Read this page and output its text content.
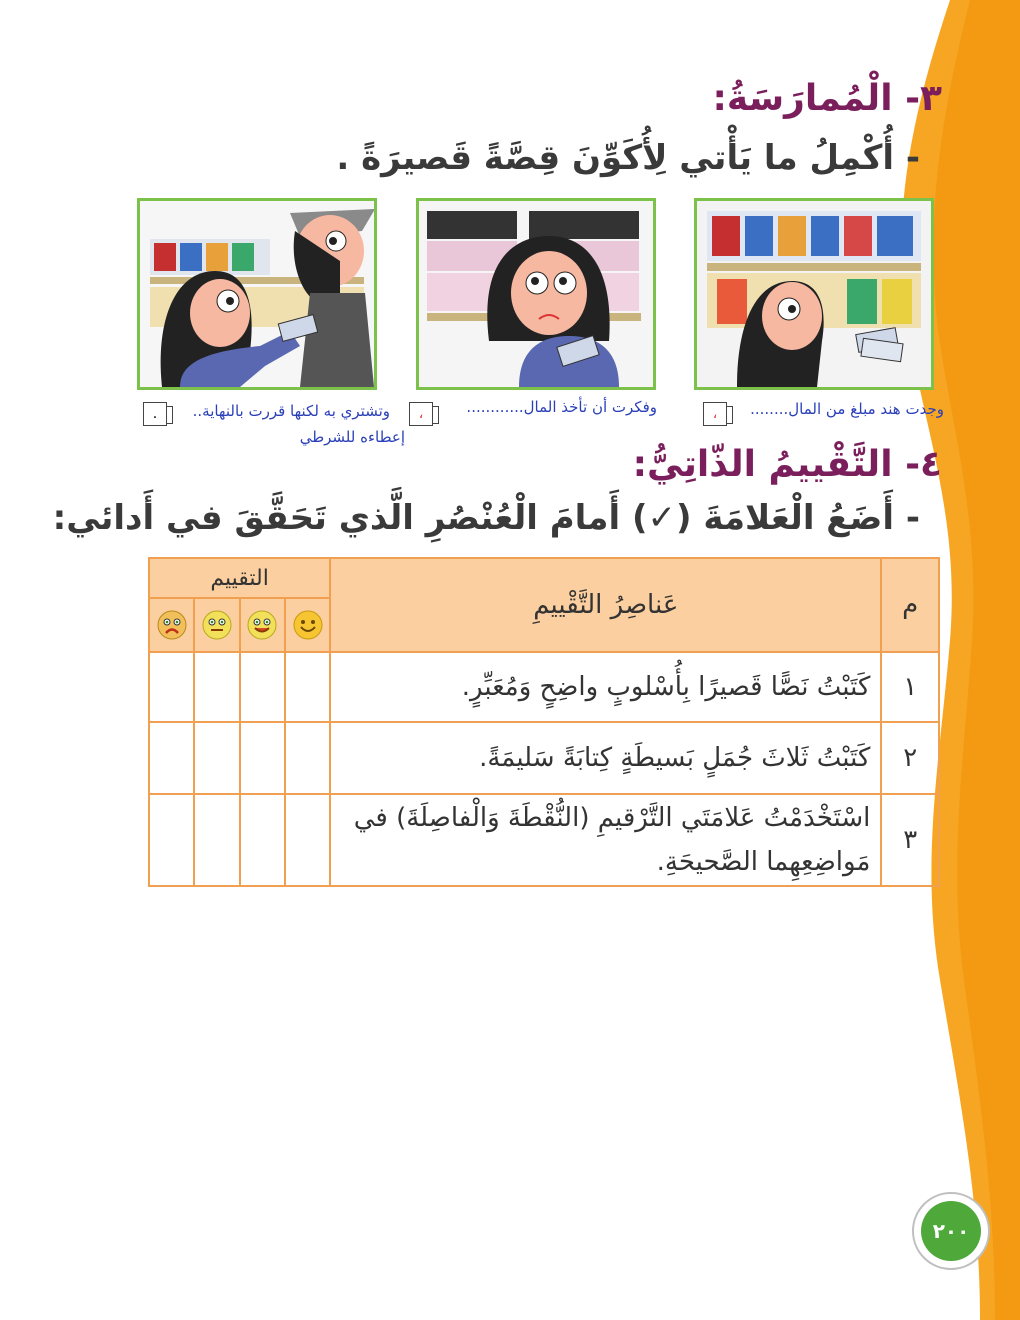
٣- الْمُمارَسَةُ:
- أُكْمِلُ ما يَأْتي لِأُكَوِّنَ قِصَّةً قَصيرَةً .
وجدت هند مبلغ من المال........
،
وفكرت أن تأخذ المال............
،
وتشتري به لكنها قررت بالنهاية..
إعطاءه للشرطي
.
٤- التَّقْييمُ الذّاتِيُّ:
- أَضَعُ الْعَلامَةَ (✓) أَمامَ الْعُنْصُرِ الَّذي تَحَقَّقَ في أَدائي:
م	عَناصِرُ التَّقْييمِ	التقييم			

١	كَتَبْتُ نَصًّا قَصيرًا بِأُسْلوبٍ واضِحٍ وَمُعَبِّرٍ.				
٢	كَتَبْتُ ثَلاثَ جُمَلٍ بَسيطَةٍ كِتابَةً سَليمَةً.				
٣	اسْتَخْدَمْتُ عَلامَتَي التَّرْقيمِ (النُّقْطَةَ وَالْفاصِلَةَ) في مَواضِعِهِما الصَّحيحَةِ.				
٢٠٠
